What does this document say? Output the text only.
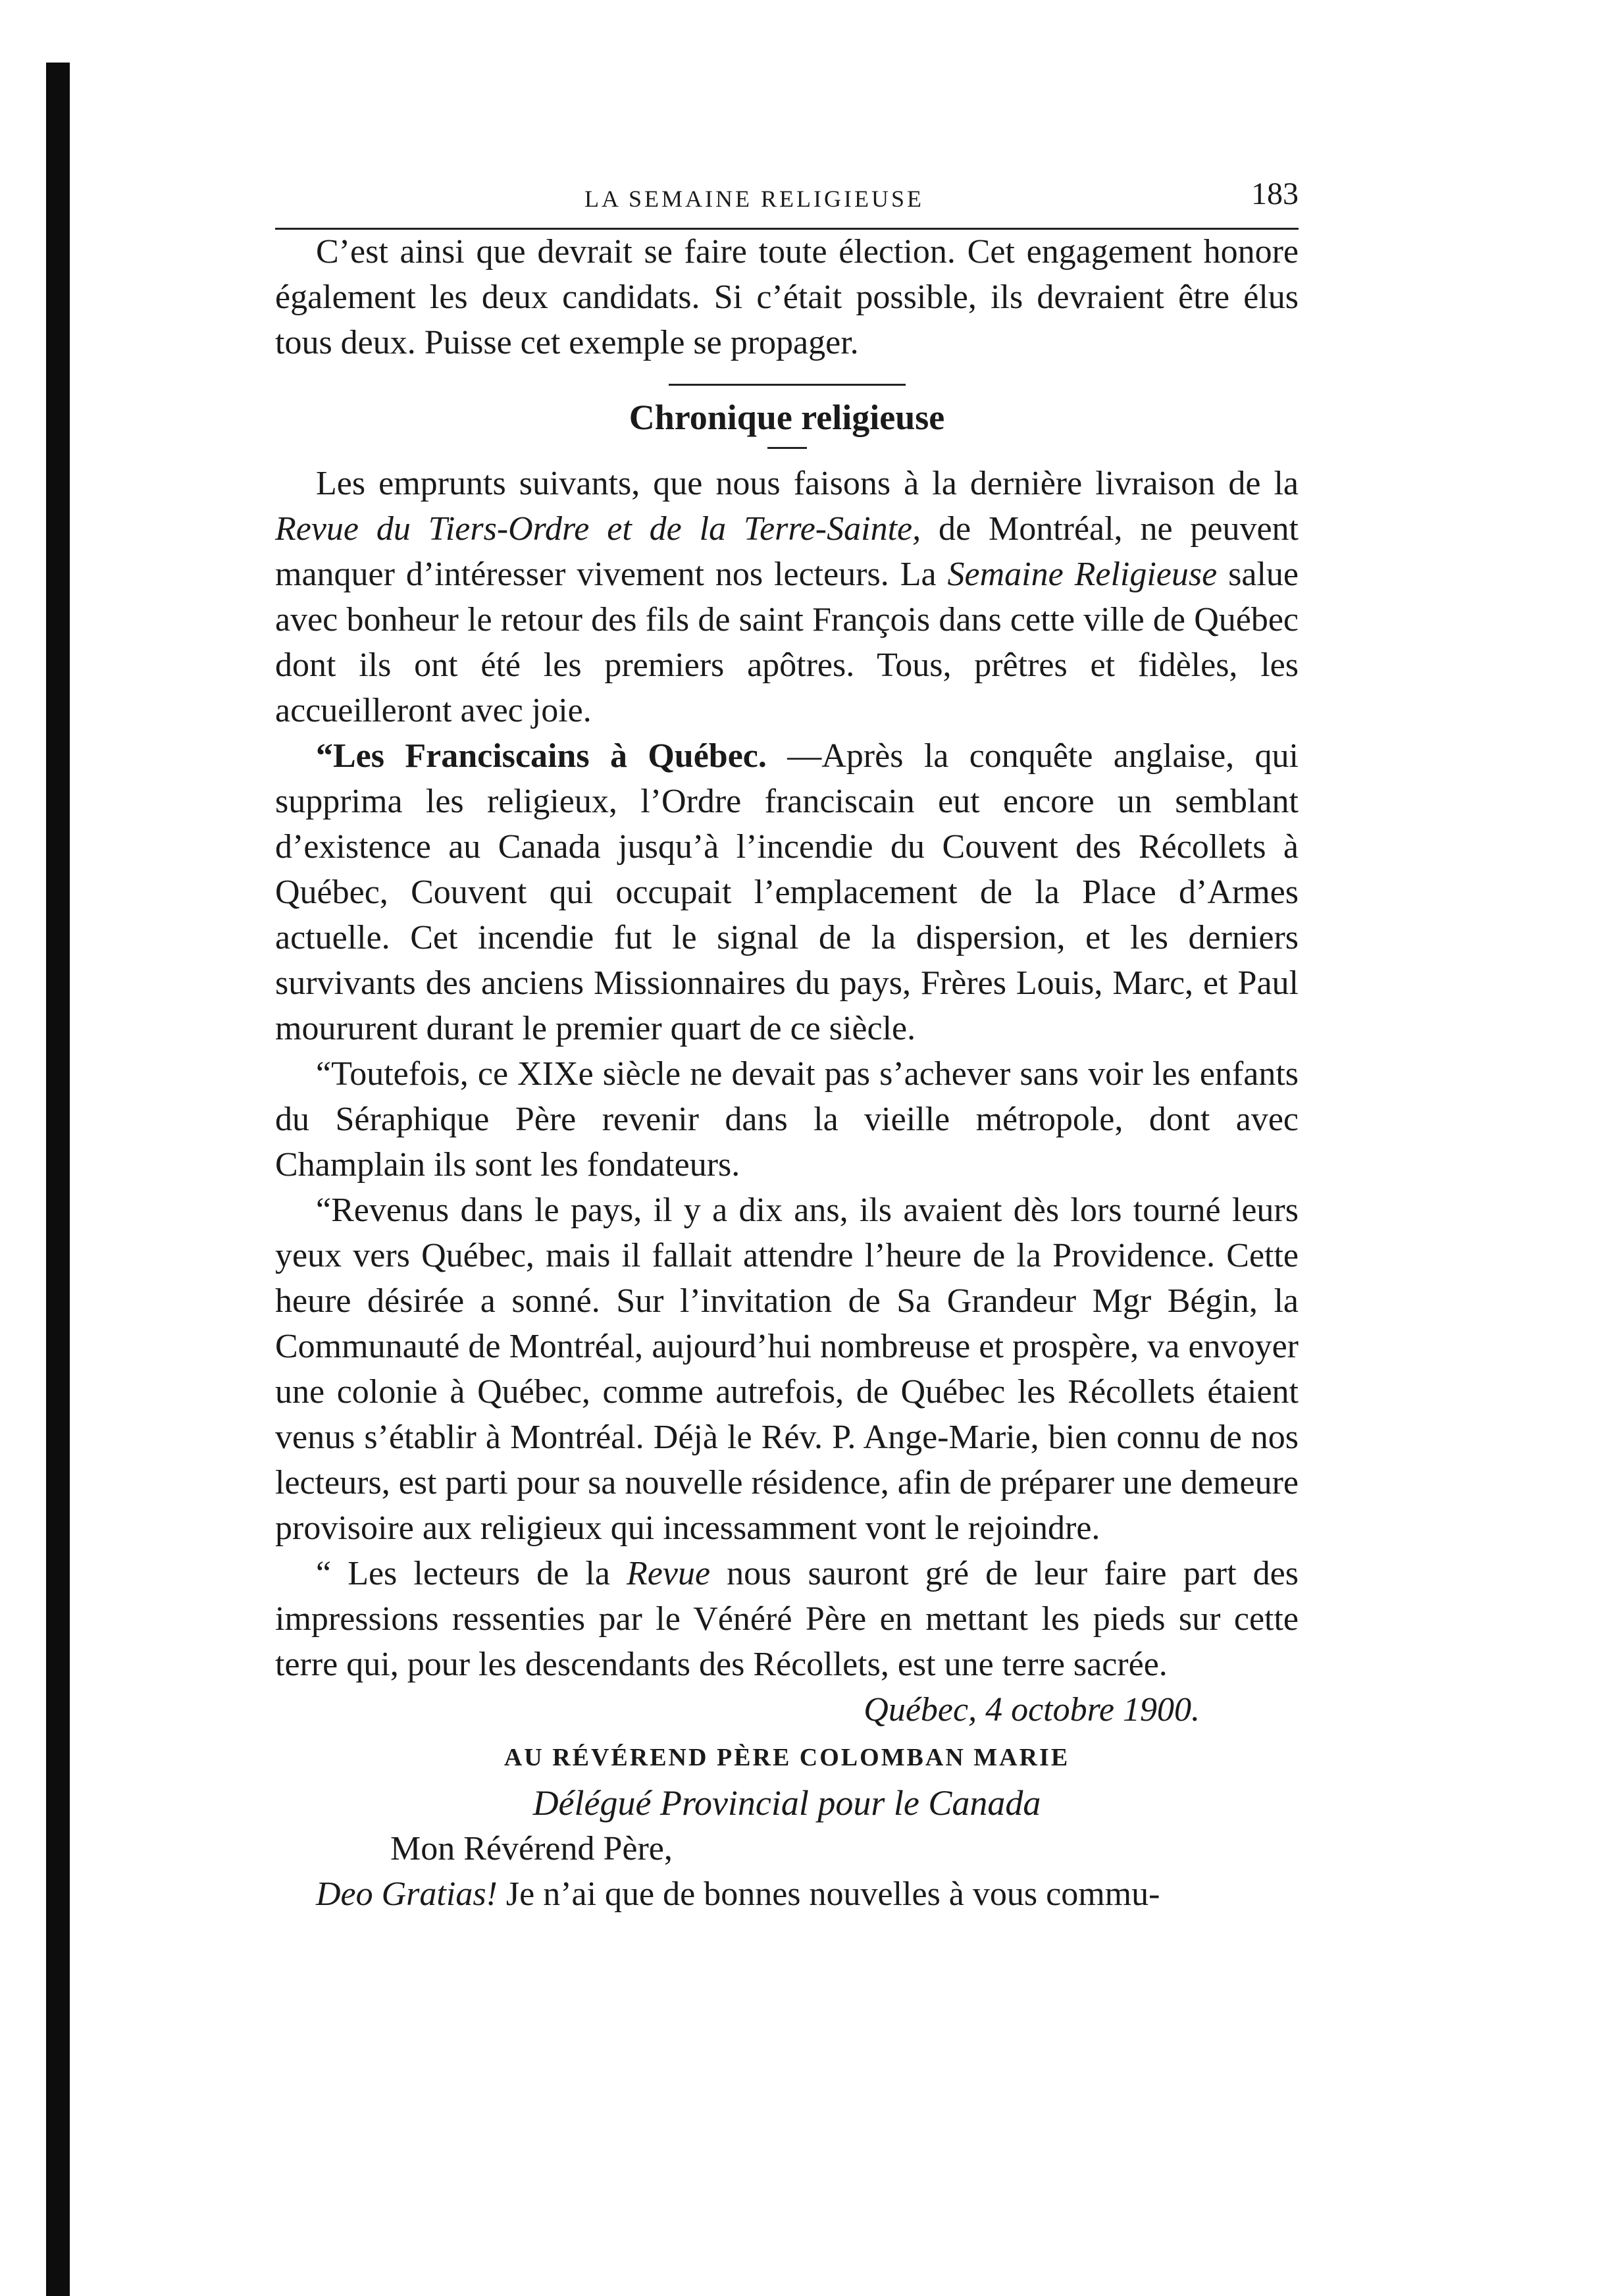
LA SEMAINE RELIGIEUSE	183

C’est ainsi que devrait se faire toute élection. Cet engagement honore également les deux candidats. Si c’était possible, ils devraient être élus tous deux. Puisse cet exemple se propager.

Chronique religieuse

Les emprunts suivants, que nous faisons à la dernière livraison de la Revue du Tiers-Ordre et de la Terre-Sainte, de Montréal, ne peuvent manquer d’intéresser vivement nos lecteurs. La Semaine Religieuse salue avec bonheur le retour des fils de saint François dans cette ville de Québec dont ils ont été les premiers apôtres. Tous, prêtres et fidèles, les accueilleront avec joie.

“Les Franciscains à Québec. —Après la conquête anglaise, qui supprima les religieux, l’Ordre franciscain eut encore un semblant d’existence au Canada jusqu’à l’incendie du Couvent des Récollets à Québec, Couvent qui occupait l’emplacement de la Place d’Armes actuelle. Cet incendie fut le signal de la dispersion, et les derniers survivants des anciens Missionnaires du pays, Frères Louis, Marc, et Paul moururent durant le premier quart de ce siècle.

“Toutefois, ce XIXe siècle ne devait pas s’achever sans voir les enfants du Séraphique Père revenir dans la vieille métropole, dont avec Champlain ils sont les fondateurs.

“Revenus dans le pays, il y a dix ans, ils avaient dès lors tourné leurs yeux vers Québec, mais il fallait attendre l’heure de la Providence. Cette heure désirée a sonné. Sur l’invitation de Sa Grandeur Mgr Bégin, la Communauté de Montréal, aujourd’hui nombreuse et prospère, va envoyer une colonie à Québec, comme autrefois, de Québec les Récollets étaient venus s’établir à Montréal. Déjà le Rév. P. Ange-Marie, bien connu de nos lecteurs, est parti pour sa nouvelle résidence, afin de préparer une demeure provisoire aux religieux qui incessamment vont le rejoindre.

“ Les lecteurs de la Revue nous sauront gré de leur faire part des impressions ressenties par le Vénéré Père en mettant les pieds sur cette terre qui, pour les descendants des Récollets, est une terre sacrée.

Québec, 4 octobre 1900.
AU RÉVÉREND PÈRE COLOMBAN MARIE
Délégué Provincial pour le Canada
Mon Révérend Père,

Deo Gratias! Je n’ai que de bonnes nouvelles à vous commu-
